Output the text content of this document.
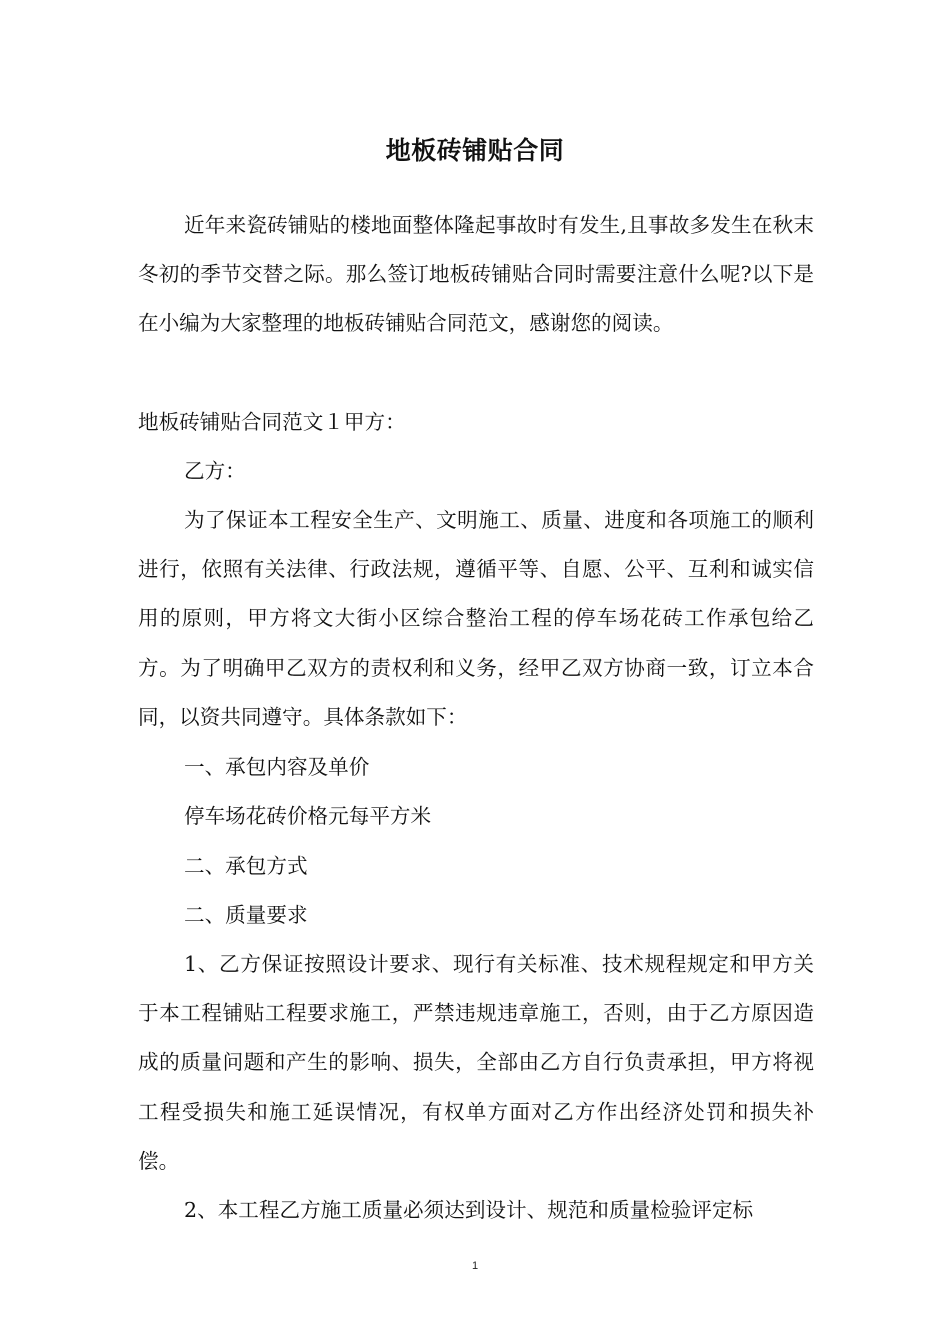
地板砖铺贴合同

近年来瓷砖铺贴的楼地面整体隆起事故时有发生,且事故多发生在秋末冬初的季节交替之际。那么签订地板砖铺贴合同时需要注意什么呢?以下是在小编为大家整理的地板砖铺贴合同范文，感谢您的阅读。

地板砖铺贴合同范文１甲方：

乙方：

为了保证本工程安全生产、文明施工、质量、进度和各项施工的顺利进行，依照有关法律、行政法规，遵循平等、自愿、公平、互利和诚实信用的原则，甲方将文大街小区综合整治工程的停车场花砖工作承包给乙方。为了明确甲乙双方的责权利和义务，经甲乙双方协商一致，订立本合同，以资共同遵守。具体条款如下：

一、承包内容及单价

停车场花砖价格元每平方米

二、承包方式

二、质量要求

1、乙方保证按照设计要求、现行有关标准、技术规程规定和甲方关于本工程铺贴工程要求施工，严禁违规违章施工，否则，由于乙方原因造成的质量问题和产生的影响、损失，全部由乙方自行负责承担，甲方将视工程受损失和施工延误情况，有权单方面对乙方作出经济处罚和损失补偿。

2、本工程乙方施工质量必须达到设计、规范和质量检验评定标

1
